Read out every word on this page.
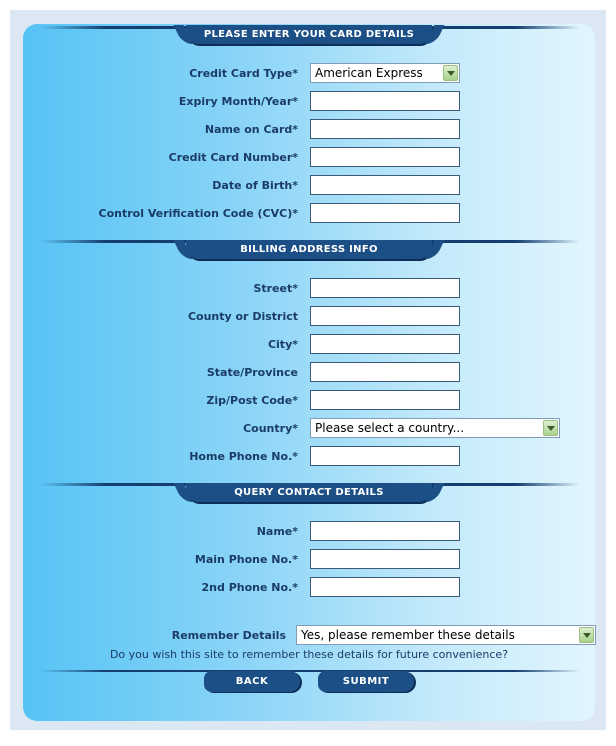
PLEASE ENTER YOUR CARD DETAILS
Credit Card Type*	American Express
Expiry Month/Year*
Name on Card*
Credit Card Number*
Date of Birth*
Control Verification Code (CVC)*
BILLING ADDRESS INFO
Street*
County or District
City*
State/Province
Zip/Post Code*
Country*	Please select a country...
Home Phone No.*
QUERY CONTACT DETAILS
Name*
Main Phone No.*
2nd Phone No.*
Remember Details	Yes, please remember these details
Do you wish this site to remember these details for future convenience?
BACK	SUBMIT
